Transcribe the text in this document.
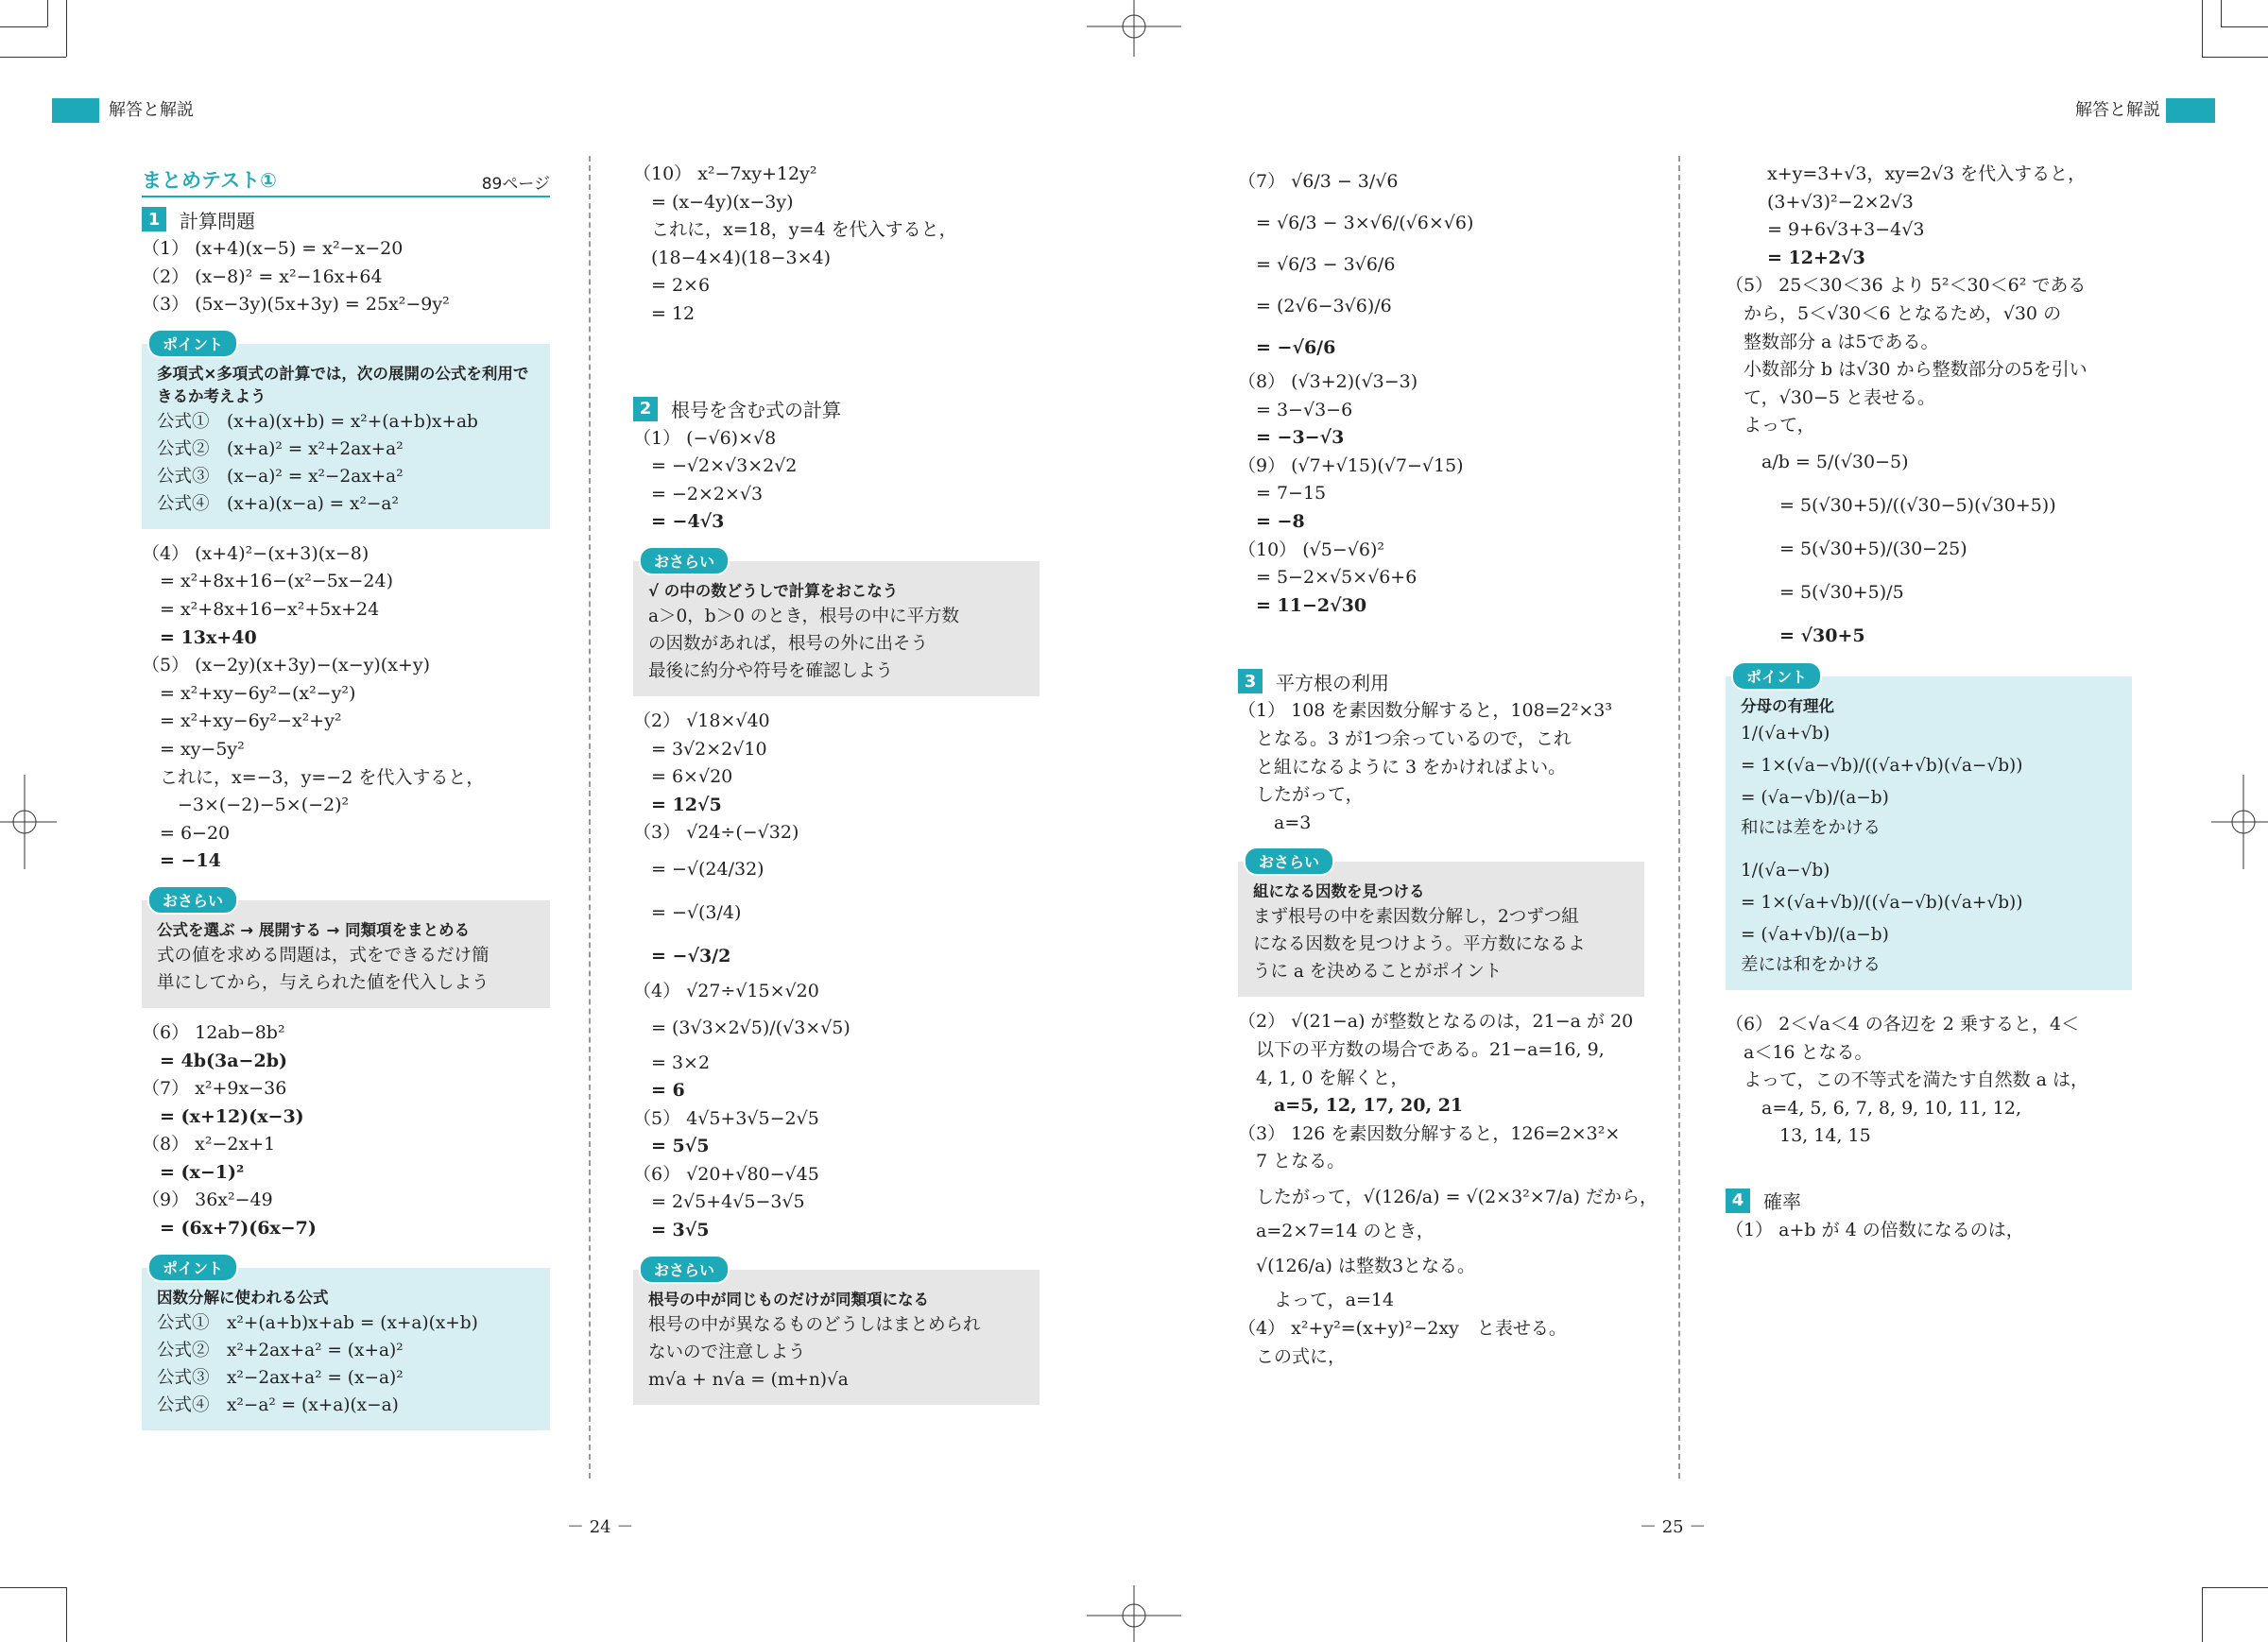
解答と解説	解答と解説
まとめテスト①	89ページ
1	計算問題
（1） (x+4)(x−5) = x²−x−20
（2） (x−8)² = x²−16x+64
（3） (5x−3y)(5x+3y) = 25x²−9y²
ポイント
多項式×多項式の計算では，次の展開の公式を利用できるか考えよう
公式①　(x+a)(x+b) = x²+(a+b)x+ab
公式②　(x+a)² = x²+2ax+a²
公式③　(x−a)² = x²−2ax+a²
公式④　(x+a)(x−a) = x²−a²
（4） (x+4)²−(x+3)(x−8)
　= x²+8x+16−(x²−5x−24)
　= x²+8x+16−x²+5x+24
　= 13x+40
（5） (x−2y)(x+3y)−(x−y)(x+y)
　= x²+xy−6y²−(x²−y²)
　= x²+xy−6y²−x²+y²
　= xy−5y²
　これに，x=−3，y=−2 を代入すると，
　　−3×(−2)−5×(−2)²
　= 6−20
　= −14
おさらい
公式を選ぶ → 展開する → 同類項をまとめる
式の値を求める問題は，式をできるだけ簡
単にしてから，与えられた値を代入しよう
（6） 12ab−8b²
　= 4b(3a−2b)
（7） x²+9x−36
　= (x+12)(x−3)
（8） x²−2x+1
　= (x−1)²
（9） 36x²−49
　= (6x+7)(6x−7)
ポイント
因数分解に使われる公式
公式①　x²+(a+b)x+ab = (x+a)(x+b)
公式②　x²+2ax+a² = (x+a)²
公式③　x²−2ax+a² = (x−a)²
公式④　x²−a² = (x+a)(x−a)
（10） x²−7xy+12y²
　= (x−4y)(x−3y)
　これに，x=18，y=4 を代入すると，
　(18−4×4)(18−3×4)
　= 2×6
　= 12
2	根号を含む式の計算
（1） (−√6)×√8
　= −√2×√3×2√2
　= −2×2×√3
　= −4√3
おさらい
√ の中の数どうしで計算をおこなう
a＞0，b＞0 のとき，根号の中に平方数
の因数があれば，根号の外に出そう
最後に約分や符号を確認しよう
（2） √18×√40
　= 3√2×2√10
　= 6×√20
　= 12√5
（3） √24÷(−√32)
　= −√(24/32)
　= −√(3/4)
　= −√3/2
（4） √27÷√15×√20
　= (3√3×2√5)/(√3×√5)
　= 3×2
　= 6
（5） 4√5+3√5−2√5
　= 5√5
（6） √20+√80−√45
　= 2√5+4√5−3√5
　= 3√5
おさらい
根号の中が同じものだけが同類項になる
根号の中が異なるものどうしはまとめられ
ないので注意しよう
m√a + n√a = (m+n)√a
（7） √6/3 − 3/√6
　= √6/3 − 3×√6/(√6×√6)
　= √6/3 − 3√6/6
　= (2√6−3√6)/6
　= −√6/6
（8） (√3+2)(√3−3)
　= 3−√3−6
　= −3−√3
（9） (√7+√15)(√7−√15)
　= 7−15
　= −8
（10） (√5−√6)²
　= 5−2×√5×√6+6
　= 11−2√30
3	平方根の利用
（1） 108 を素因数分解すると，108=2²×3³
　となる。3 が1つ余っているので，これ
　と組になるように 3 をかければよい。
　したがって，
　　a=3
おさらい
組になる因数を見つける
まず根号の中を素因数分解し，2つずつ組
になる因数を見つけよう。平方数になるよ
うに a を決めることがポイント
（2） √(21−a) が整数となるのは，21−a が 20
　以下の平方数の場合である。21−a=16, 9,
　4, 1, 0 を解くと，
　　a=5, 12, 17, 20, 21
（3） 126 を素因数分解すると，126=2×3²×
　7 となる。
　したがって，√(126/a) = √(2×3²×7/a) だから，
　a=2×7=14 のとき，
　√(126/a) は整数3となる。
　　よって，a=14
（4） x²+y²=(x+y)²−2xy　と表せる。
　この式に，
x+y=3+√3，xy=2√3 を代入すると，
(3+√3)²−2×2√3
= 9+6√3+3−4√3
= 12+2√3
（5） 25＜30＜36 より 5²＜30＜6² である
　から，5＜√30＜6 となるため，√30 の
　整数部分 a は5である。
　小数部分 b は√30 から整数部分の5を引い
　て，√30−5 と表せる。
　よって，
　　a/b = 5/(√30−5)
　　　= 5(√30+5)/((√30−5)(√30+5))
　　　= 5(√30+5)/(30−25)
　　　= 5(√30+5)/5
　　　= √30+5
ポイント
分母の有理化
1/(√a+√b)
= 1×(√a−√b)/((√a+√b)(√a−√b))
= (√a−√b)/(a−b)
和には差をかける
1/(√a−√b)
= 1×(√a+√b)/((√a−√b)(√a+√b))
= (√a+√b)/(a−b)
差には和をかける
（6） 2＜√a＜4 の各辺を 2 乗すると，4＜
　a＜16 となる。
　よって，この不等式を満たす自然数 a は，
　　a=4, 5, 6, 7, 8, 9, 10, 11, 12,
　　　13, 14, 15
4	確率
（1） a+b が 4 の倍数になるのは，
－ 24 －	－ 25 －
